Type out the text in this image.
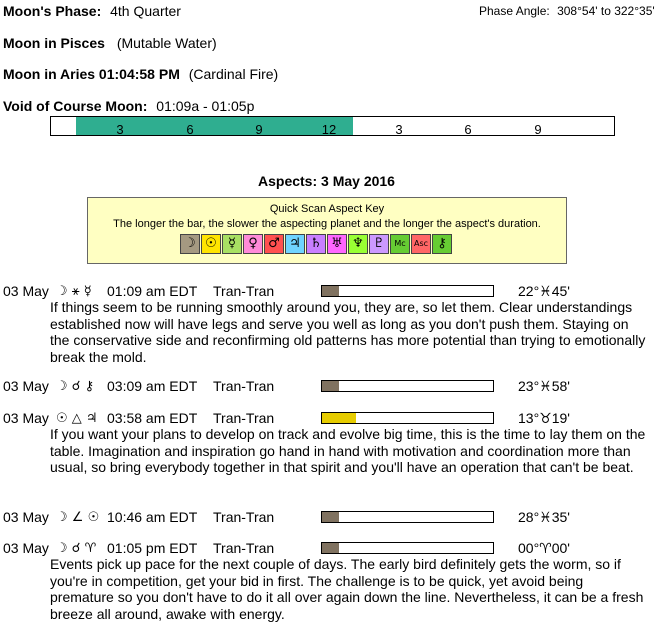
Moon's Phase: 4th Quarter	Phase Angle: 308°54' to 322°35'
Moon in Pisces (Mutable Water)
Moon in Aries 01:04:58 PM (Cardinal Fire)
Void of Course Moon: 01:09a - 01:05p
3	6	9	12	3	6	9
Aspects: 3 May 2016
Quick Scan Aspect Key
The longer the bar, the slower the aspecting planet and the longer the aspect's duration.
☽ ☉ ☿ ♀ ♂ ♃ ♄ ♅ ♆ ♇	Mc	Asc ⚷
03 May ☽ ⚹ ☿ 01:09 am EDT Tran-Tran	22°♓45'
If things seem to be running smoothly around you, they are, so let them. Clear understandings established now will have legs and serve you well as long as you don't push them. Staying on the conservative side and reconfirming old patterns has more potential than trying to emotionally break the mold.
03 May ☽ ☌ ⚷ 03:09 am EDT Tran-Tran	23°♓58'
03 May ☉ △ ♃ 03:58 am EDT Tran-Tran	13°♉19'
If you want your plans to develop on track and evolve big time, this is the time to lay them on the table. Imagination and inspiration go hand in hand with motivation and coordination more than usual, so bring everybody together in that spirit and you'll have an operation that can't be beat.
03 May ☽ ∠ ☉ 10:46 am EDT Tran-Tran	28°♓35'
03 May ☽ ☌ ♈ 01:05 pm EDT Tran-Tran	00°♈00'
Events pick up pace for the next couple of days. The early bird definitely gets the worm, so if you're in competition, get your bid in first. The challenge is to be quick, yet avoid being premature so you don't have to do it all over again down the line. Nevertheless, it can be a fresh breeze all around, awake with energy.
